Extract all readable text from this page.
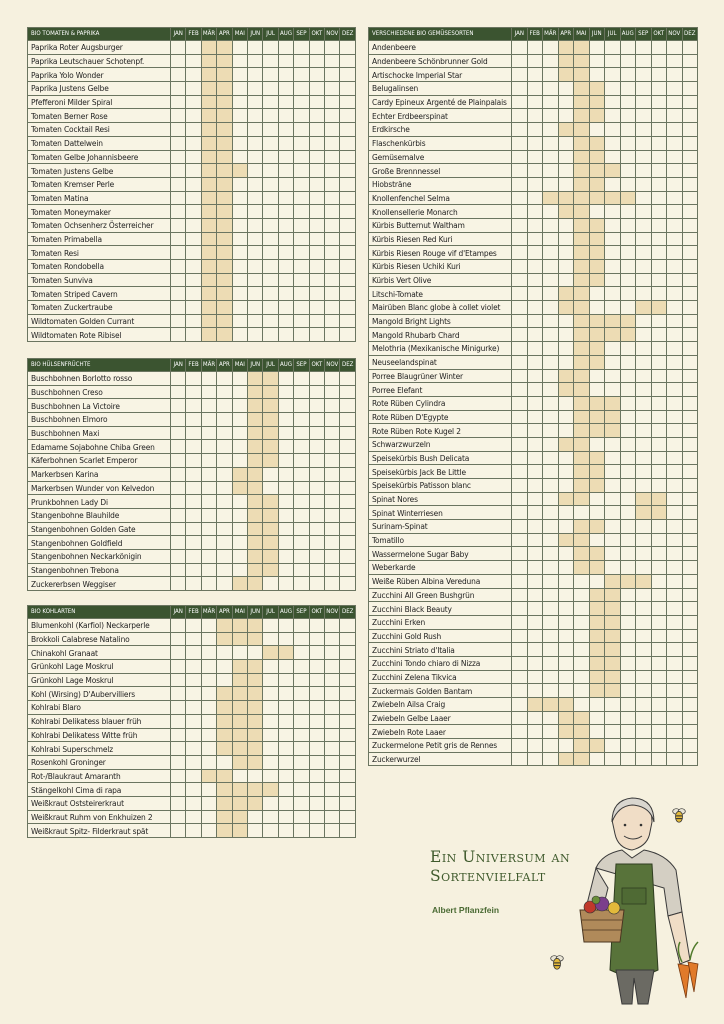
BIO TOMATEN & PAPRIKA	JAN	FEB	MÄR	APR	MAI	JUN	JUL	AUG	SEP	OKT	NOV	DEZ
Paprika Roter Augsburger												
Paprika Leutschauer Schotenpf.												
Paprika Yolo Wonder												
Paprika Justens Gelbe												
Pfefferoni Milder Spiral												
Tomaten Berner Rose												
Tomaten Cocktail Resi												
Tomaten Dattelwein												
Tomaten Gelbe Johannisbeere												
Tomaten Justens Gelbe												
Tomaten Kremser Perle												
Tomaten Matina												
Tomaten Moneymaker												
Tomaten Ochsenherz Österreicher												
Tomaten Primabella												
Tomaten Resi												
Tomaten Rondobella												
Tomaten Sunviva												
Tomaten Striped Cavern												
Tomaten Zuckertraube												
Wildtomaten Golden Currant												
Wildtomaten Rote Ribisel												
BIO HÜLSENFRÜCHTE	JAN	FEB	MÄR	APR	MAI	JUN	JUL	AUG	SEP	OKT	NOV	DEZ
Buschbohnen Borlotto rosso												
Buschbohnen Creso												
Buschbohnen La Victoire												
Buschbohnen Elmoro												
Buschbohnen Maxi												
Edamame Sojabohne Chiba Green												
Käferbohnen Scarlet Emperor												
Markerbsen Karina												
Markerbsen Wunder von Kelvedon												
Prunkbohnen Lady Di												
Stangenbohne Blauhilde												
Stangenbohnen Golden Gate												
Stangenbohnen Goldfield												
Stangenbohnen Neckarkönigin												
Stangenbohnen Trebona												
Zuckererbsen Weggiser												
BIO KOHLARTEN	JAN	FEB	MÄR	APR	MAI	JUN	JUL	AUG	SEP	OKT	NOV	DEZ
Blumenkohl (Karfiol) Neckarperle												
Brokkoli Calabrese Natalino												
Chinakohl Granaat												
Grünkohl Lage Moskrul												
Grünkohl Lage Moskrul												
Kohl (Wirsing) D'Aubervilliers												
Kohlrabi Blaro												
Kohlrabi Delikatess blauer früh												
Kohlrabi Delikatess Witte früh												
Kohlrabi Superschmelz												
Rosenkohl Groninger												
Rot-/Blaukraut Amaranth												
Stängelkohl Cima di rapa												
Weißkraut Oststeirerkraut												
Weißkraut Ruhm von Enkhuizen 2												
Weißkraut Spitz- Filderkraut spät												
VERSCHIEDENE BIO GEMÜSESORTEN	JAN	FEB	MÄR	APR	MAI	JUN	JUL	AUG	SEP	OKT	NOV	DEZ
Andenbeere												
Andenbeere Schönbrunner Gold												
Artischocke Imperial Star												
Belugalinsen												
Cardy Epineux Argenté de Plainpalais												
Echter Erdbeerspinat												
Erdkirsche												
Flaschenkürbis												
Gemüsemalve												
Große Brennnessel												
Hiobsträne												
Knollenfenchel Selma												
Knollensellerie Monarch												
Kürbis Butternut Waltham												
Kürbis Riesen Red Kuri												
Kürbis Riesen Rouge vif d'Etampes												
Kürbis Riesen Uchiki Kuri												
Kürbis Vert Olive												
Litschi-Tomate												
Mairüben Blanc globe à collet violet												
Mangold Bright Lights												
Mangold Rhubarb Chard												
Melothria (Mexikanische Minigurke)												
Neuseelandspinat												
Porree Blaugrüner Winter												
Porree Elefant												
Rote Rüben Cylindra												
Rote Rüben D'Egypte												
Rote Rüben Rote Kugel 2												
Schwarzwurzeln												
Speisekürbis Bush Delicata												
Speisekürbis Jack Be Little												
Speisekürbis Patisson blanc												
Spinat Nores												
Spinat Winterriesen												
Surinam-Spinat												
Tomatillo												
Wassermelone Sugar Baby												
Weberkarde												
Weiße Rüben Albina Vereduna												
Zucchini All Green Bushgrün												
Zucchini Black Beauty												
Zucchini Erken												
Zucchini Gold Rush												
Zucchini Striato d'Italia												
Zucchini Tondo chiaro di Nizza												
Zucchini Zelena Tikvica												
Zuckermais Golden Bantam												
Zwiebeln Ailsa Craig												
Zwiebeln Gelbe Laaer												
Zwiebeln Rote Laaer												
Zuckermelone Petit gris de Rennes												
Zuckerwurzel												
Ein Universum an
Sortenvielfalt
Albert Pflanzfein
